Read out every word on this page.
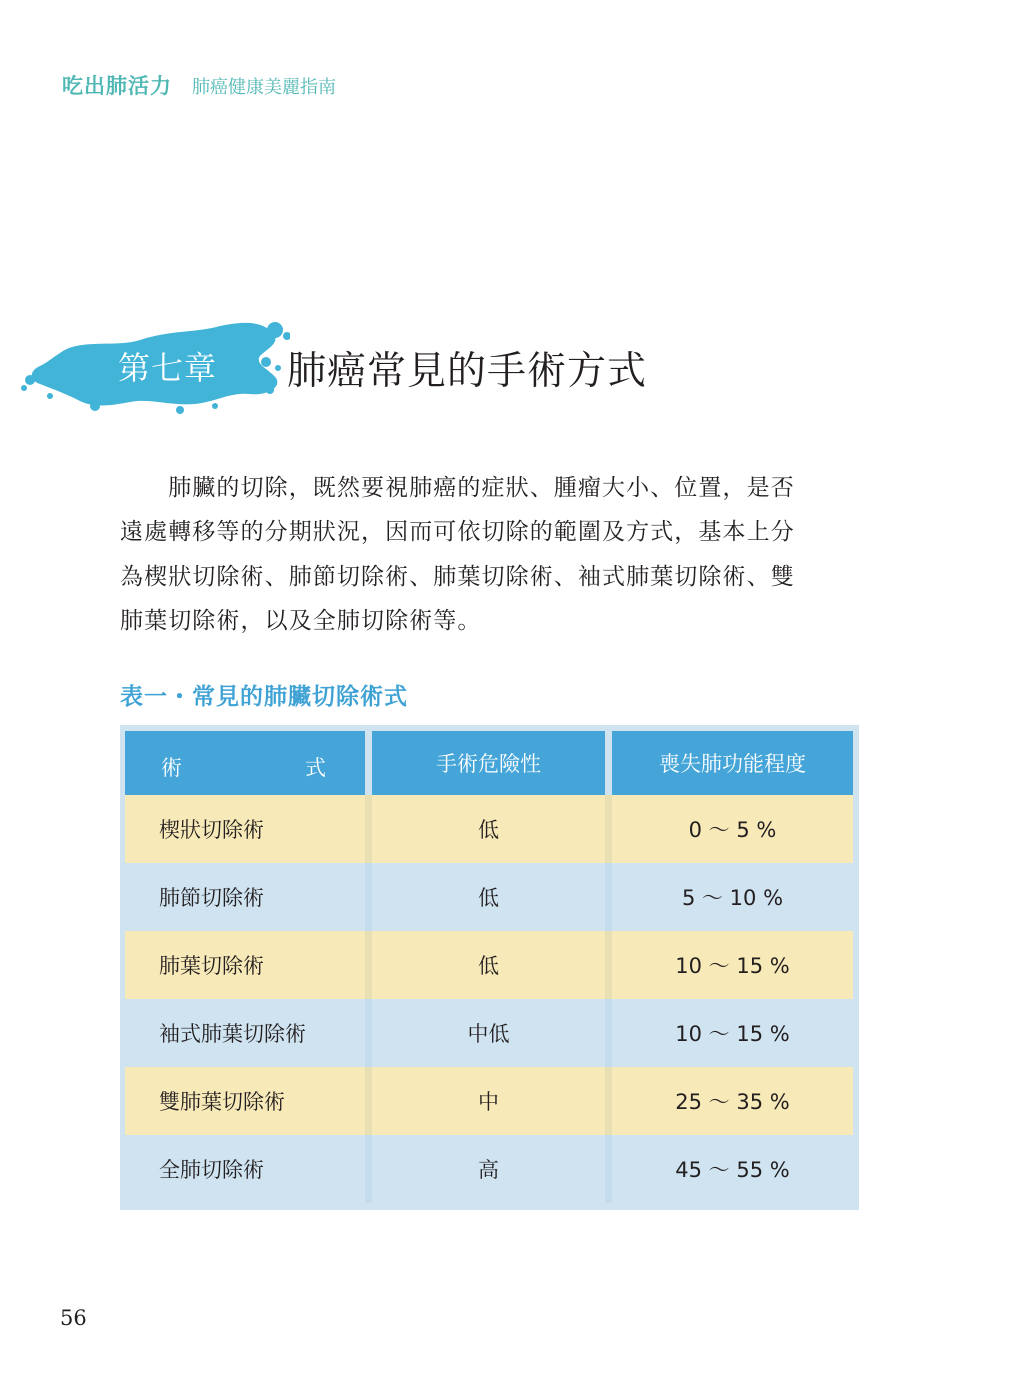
吃出肺活力 肺癌健康美麗指南
第七章 肺癌常見的手術方式
　　肺臟的切除，既然要視肺癌的症狀、腫瘤大小、位置，是否
遠處轉移等的分期狀況，因而可依切除的範圍及方式，基本上分
為楔狀切除術、肺節切除術、肺葉切除術、袖式肺葉切除術、雙
肺葉切除術，以及全肺切除術等。
表一・常見的肺臟切除術式
術 式		手術危險性		喪失肺功能程度
楔狀切除術		低		0 ～ 5 %
肺節切除術		低		5 ～ 10 %
肺葉切除術		低		10 ～ 15 %
袖式肺葉切除術		中低		10 ～ 15 %
雙肺葉切除術		中		25 ～ 35 %
全肺切除術		高		45 ～ 55 %
56
